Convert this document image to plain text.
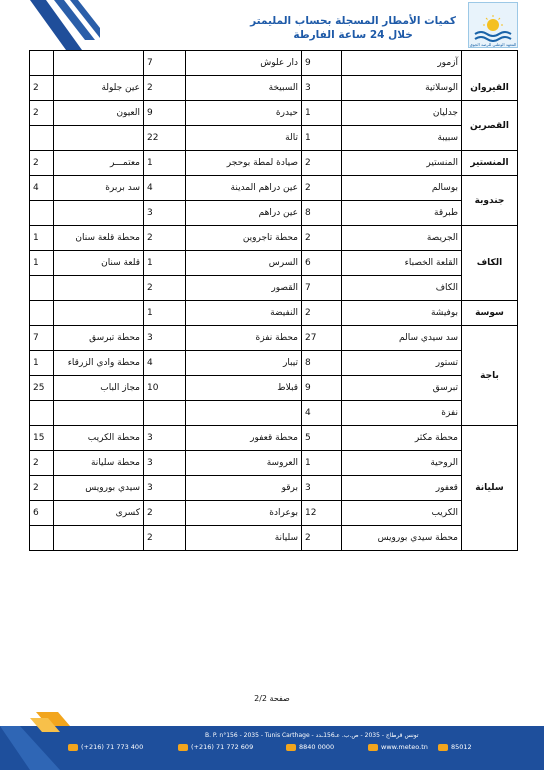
المعهد الوطني للرصد الجوي
كميات الأمطار المسجلة بحساب المليمتر
خلال 24 ساعة الفارطة
القيروان	آزمور	9	دار علوش	7		
	الوسلاتية	3	السبيخة	2	عين جلولة	2
القصرين	جدليان	1	حيدرة	9	العيون	2
	سبيبة	1	تالة	22		
المنستير	المنستير	2	صيادة لمطة بوحجر	1	معتمـــر	2
جندوبة	بوسالم	2	عين دراهم المدينة	4	سد بربرة	4
	طبرقة	8	عين دراهم	3		
الكاف	الجريصة	2	محطة تاجروين	2	محطة قلعة سنان	1
	القلعة الخصباء	6	السرس	1	قلعة سنان	1
	الكاف	7	القصور	2		
سوسة	بوفيشة	2	النفيضة	1		
باجة	سد سيدي سالم	27	محطة نفزة	3	محطة تبرسق	7
	تستور	8	تيبار	4	محطة وادي الزرقاء	1
	تبرسق	9	قبلاط	10	مجاز الباب	25
	نفزة	4				
سليانة	محطة مكثر	5	محطة قعفور	3	محطة الكريب	15
	الروحية	1	العروسة	3	محطة سليانة	2
	قعفور	3	برقو	3	سيدي بورويس	2
	الكريب	12	بوعرادة	2	كسرى	6
	محطة سيدي بورويس	2	سليانة	2		
صفحة 2/2
B. P. n°156 - 2035 - Tunis Carthage - تونس قرطاج - 2035 - ص.ب. عـ156ـدد
(+216) 71 773 400	(+216) 71 772 609	8840 0000	www.meteo.tn	85012
